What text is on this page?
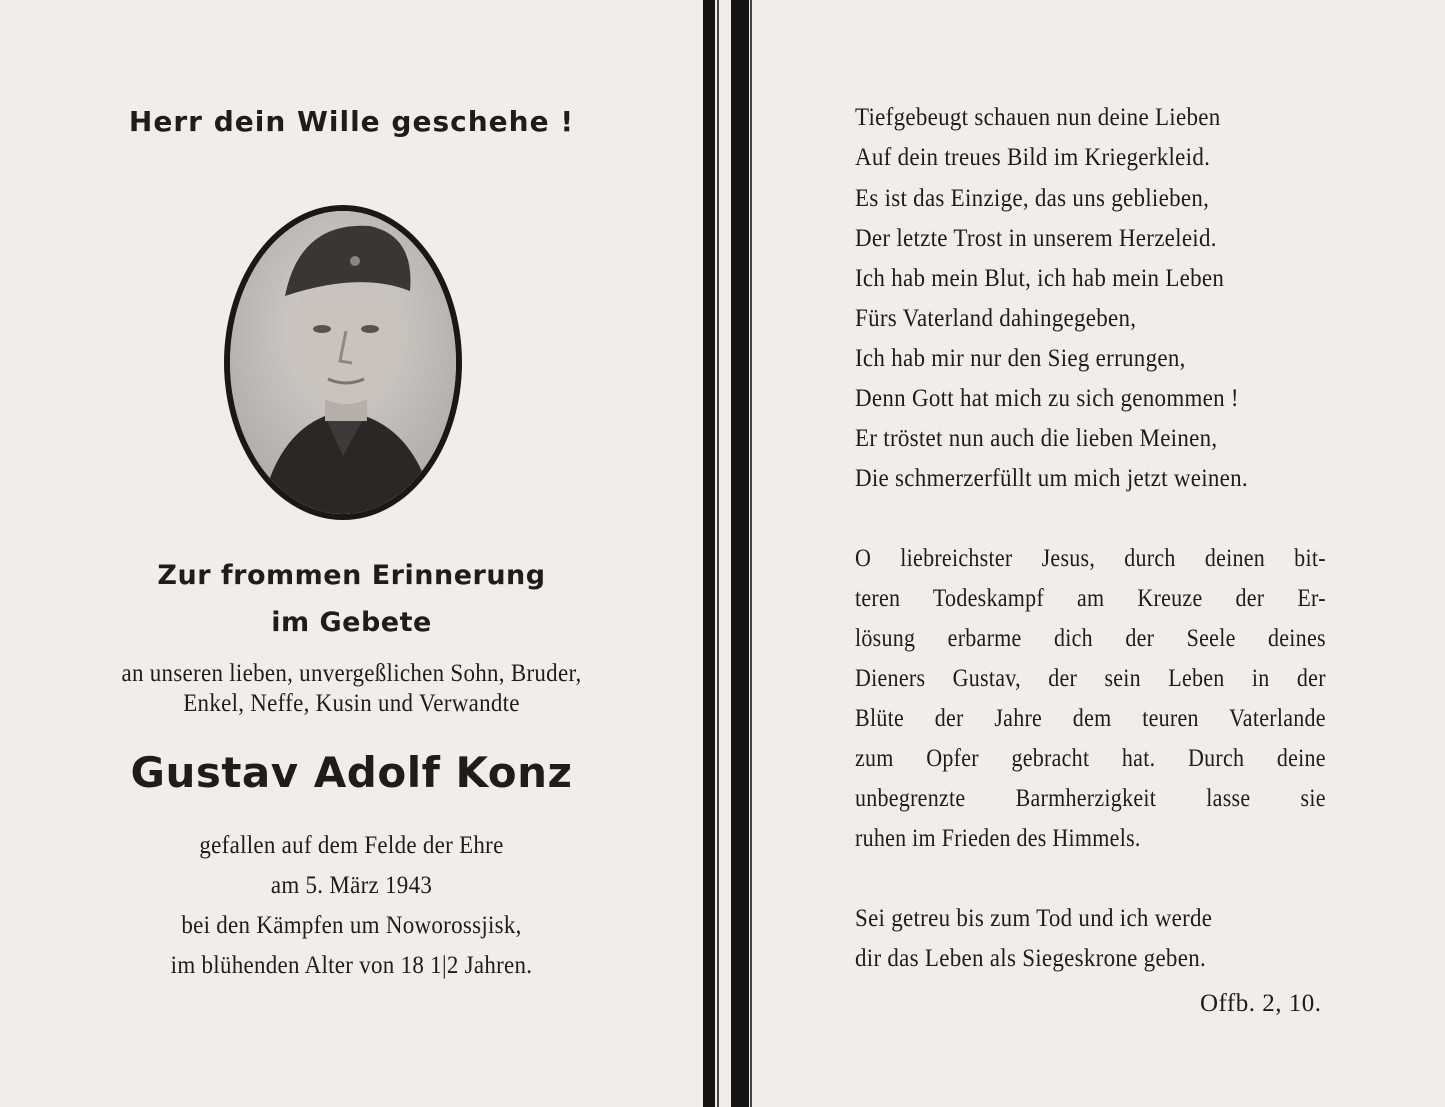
Herr dein Wille geschehe !
Zur frommen Erinnerung
im Gebete
an unseren lieben, unvergeßlichen Sohn, Bruder,
Enkel, Neffe, Kusin und Verwandte
Gustav Adolf Konz
gefallen auf dem Felde der Ehre
am 5. März 1943
bei den Kämpfen um Noworossjisk,
im blühenden Alter von 18 1|2 Jahren.
Tiefgebeugt schauen nun deine Lieben
Auf dein treues Bild im Kriegerkleid.
Es ist das Einzige, das uns geblieben,
Der letzte Trost in unserem Herzeleid.
Ich hab mein Blut, ich hab mein Leben
Fürs Vaterland dahingegeben,
Ich hab mir nur den Sieg errungen,
Denn Gott hat mich zu sich genommen !
Er tröstet nun auch die lieben Meinen,
Die schmerzerfüllt um mich jetzt weinen.
O liebreichster Jesus, durch deinen bit-
teren Todeskampf am Kreuze der Er-
lösung erbarme dich der Seele deines
Dieners Gustav, der sein Leben in der
Blüte der Jahre dem teuren Vaterlande
zum Opfer gebracht hat. Durch deine
unbegrenzte Barmherzigkeit lasse sie
ruhen im Frieden des Himmels.
Sei getreu bis zum Tod und ich werde
dir das Leben als Siegeskrone geben.
Offb. 2, 10.
